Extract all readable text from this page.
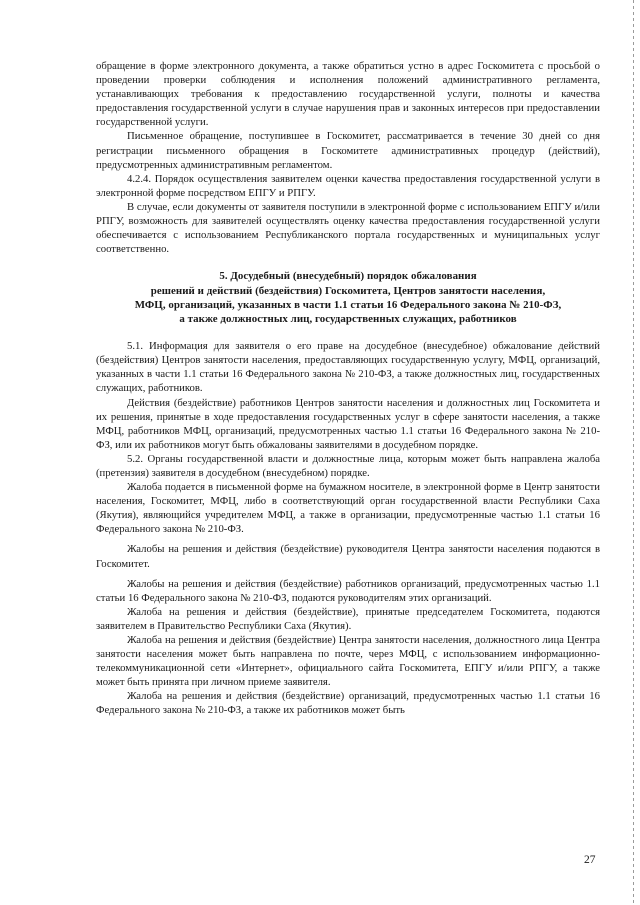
обращение в форме электронного документа, а также обратиться устно в адрес Госкомитета с просьбой о проведении проверки соблюдения и исполнения положений административного регламента, устанавливающих требования к предоставлению государственной услуги, полноты и качества предоставления государственной услуги в случае нарушения прав и законных интересов при предоставлении государственной услуги.

Письменное обращение, поступившее в Госкомитет, рассматривается в течение 30 дней со дня регистрации письменного обращения в Госкомитете административных процедур (действий), предусмотренных административным регламентом.

4.2.4. Порядок осуществления заявителем оценки качества предоставления государственной услуги в электронной форме посредством ЕПГУ и РПГУ.

В случае, если документы от заявителя поступили в электронной форме с использованием ЕПГУ и/или РПГУ, возможность для заявителей осуществлять оценку качества предоставления государственной услуги обеспечивается с использованием Республиканского портала государственных и муниципальных услуг соответственно.

5. Досудебный (внесудебный) порядок обжалования

решений и действий (бездействия) Госкомитета, Центров занятости населения,

МФЦ, организаций, указанных в части 1.1 статьи 16 Федерального закона № 210-ФЗ,

а также должностных лиц, государственных служащих, работников

5.1. Информация для заявителя о его праве на досудебное (внесудебное) обжалование действий (бездействия) Центров занятости населения, предоставляющих государственную услугу, МФЦ, организаций, указанных в части 1.1 статьи 16 Федерального закона № 210-ФЗ, а также должностных лиц, государственных служащих, работников.

Действия (бездействие) работников Центров занятости населения и должностных лиц Госкомитета и их решения, принятые в ходе предоставления государственных услуг в сфере занятости населения, а также МФЦ, работников МФЦ, организаций, предусмотренных частью 1.1 статьи 16 Федерального закона № 210-ФЗ, или их работников могут быть обжалованы заявителями в досудебном порядке.

5.2. Органы государственной власти и должностные лица, которым может быть направлена жалоба (претензия) заявителя в досудебном (внесудебном) порядке.

Жалоба подается в письменной форме на бумажном носителе, в электронной форме в Центр занятости населения, Госкомитет, МФЦ, либо в соответствующий орган государственной власти Республики Саха (Якутия), являющийся учредителем МФЦ, а также в организации, предусмотренные частью 1.1 статьи 16 Федерального закона № 210-ФЗ.

Жалобы на решения и действия (бездействие) руководителя Центра занятости населения подаются в Госкомитет.

Жалобы на решения и действия (бездействие) работников организаций, предусмотренных частью 1.1 статьи 16 Федерального закона № 210-ФЗ, подаются руководителям этих организаций.

Жалоба на решения и действия (бездействие), принятые председателем Госкомитета, подаются заявителем в Правительство Республики Саха (Якутия).

Жалоба на решения и действия (бездействие) Центра занятости населения, должностного лица Центра занятости населения может быть направлена по почте, через МФЦ, с использованием информационно-телекоммуникационной сети «Интернет», официального сайта Госкомитета, ЕПГУ и/или РПГУ, а также может быть принята при личном приеме заявителя.

Жалоба на решения и действия (бездействие) организаций, предусмотренных частью 1.1 статьи 16 Федерального закона № 210-ФЗ, а также их работников может быть

27
